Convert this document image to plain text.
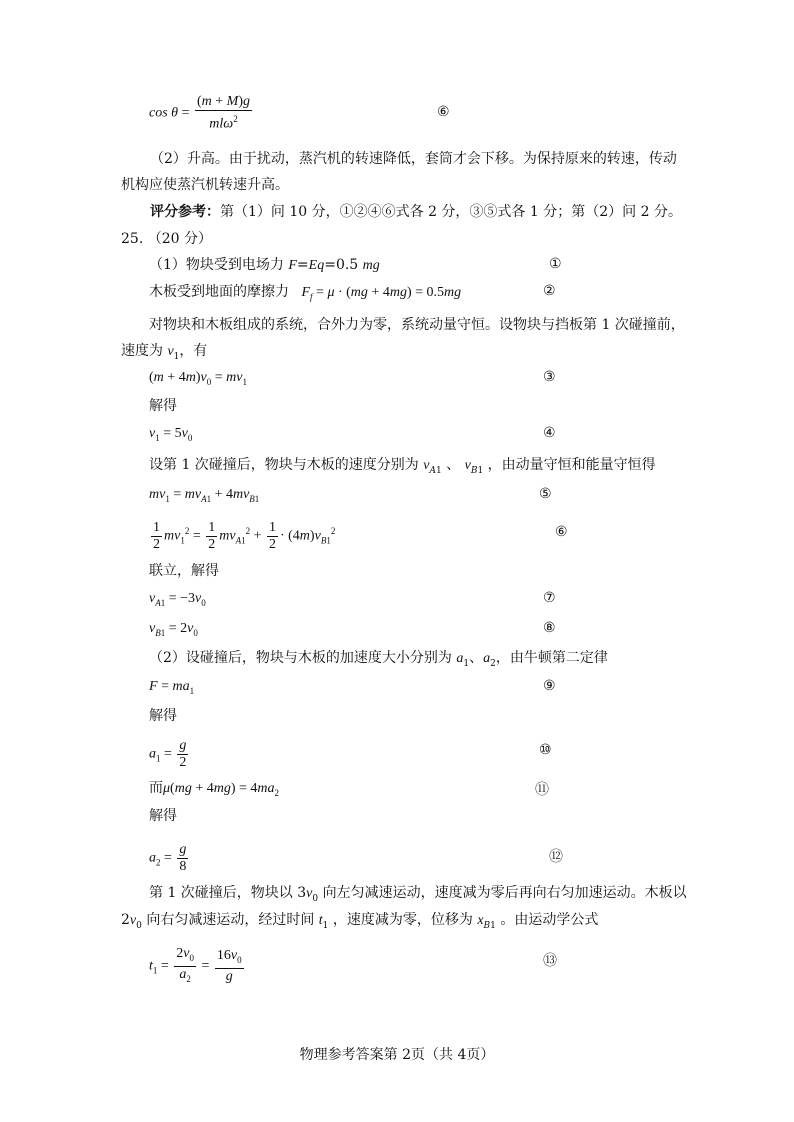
$\cos \theta = \frac{(m + M)g}{ml\omega^2}$	⑥
（2）升高。由于扰动，蒸汽机的转速降低，套筒才会下移。为保持原来的转速，传动
机构应使蒸汽机转速升高。
评分参考：第（1）问 10 分，①②④⑥式各 2 分，③⑤式各 1 分；第（2）问 2 分。
25. （20 分）
（1）物块受到电场力 F=Eq=0.5 mg	①
木板受到地面的摩擦力 $F_f = \mu \cdot (mg + 4mg) = 0.5mg$	②
对物块和木板组成的系统，合外力为零，系统动量守恒。设物块与挡板第 1 次碰撞前，
速度为 $v_1$，有
$(m + 4m)v_0 = mv_1$	③
解得
$v_1 = 5v_0$	④
设第 1 次碰撞后，物块与木板的速度分别为 $v_{A1}$ 、 $v_{B1}$ ，由动量守恒和能量守恒得
$mv_1 = mv_{A1} + 4mv_{B1}$	⑤
$\frac{1}{2} mv_1^2 = \frac{1}{2} mv_{A1}^2 + \frac{1}{2} \cdot (4m)v_{B1}^2$	⑥
联立，解得
$v_{A1} = -3v_0$	⑦
$v_{B1} = 2v_0$	⑧
（2）设碰撞后，物块与木板的加速度大小分别为 $a_1$、$a_2$，由牛顿第二定律
$F = ma_1$	⑨
解得
$a_1 = \frac{g}{2}$	⑩
而$\mu(mg + 4mg) = 4ma_2$	⑪
解得
$a_2 = \frac{g}{8}$	⑫
第 1 次碰撞后，物块以 $3v_0$ 向左匀减速运动，速度减为零后再向右匀加速运动。木板以
$2v_0$ 向右匀减速运动，经过时间 $t_1$ ，速度减为零，位移为 $x_{B1}$ 。由运动学公式
$t_1 = \frac{2v_0}{a_2} = \frac{16v_0}{g}$	⑬
物理参考答案第 2页（共 4页）
